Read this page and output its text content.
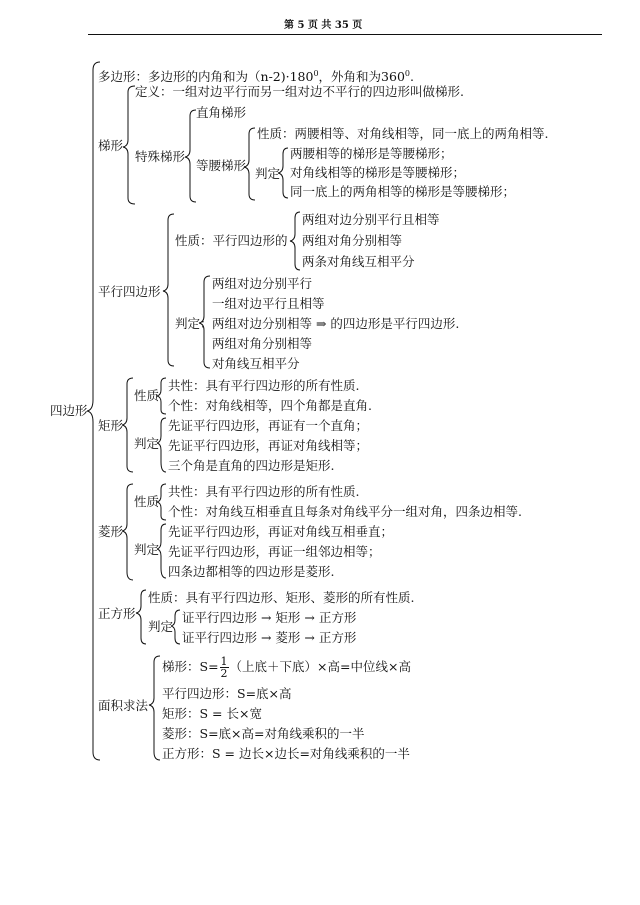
第 5 页 共 35 页
四边形
多边形：多边形的内角和为$(n-2)\cdot 180^0$，外角和为$360^0$.
梯形
定义：一组对边平行而另一组对边不平行的四边形叫做梯形.
特殊梯形
直角梯形
等腰梯形
性质：两腰相等、对角线相等，同一底上的两角相等.
判定
两腰相等的梯形是等腰梯形；
对角线相等的梯形是等腰梯形；
同一底上的两角相等的梯形是等腰梯形；
平行四边形
性质：平行四边形的
两组对边分别平行且相等
两组对角分别相等
两条对角线互相平分
判定：
两组对边分别平行
一组对边平行且相等
两组对边分别相等 ⇒ 的四边形是平行四边形.
两组对角分别相等
对角线互相平分
矩形
性质
共性：具有平行四边形的所有性质.
个性：对角线相等，四个角都是直角.
判定
先证平行四边形，再证有一个直角；
先证平行四边形，再证对角线相等；
三个角是直角的四边形是矩形.
菱形
性质
共性：具有平行四边形的所有性质.
个性：对角线互相垂直且每条对角线平分一组对角，四条边相等.
判定
先证平行四边形，再证对角线互相垂直；
先证平行四边形，再证一组邻边相等；
四条边都相等的四边形是菱形.
正方形
性质：具有平行四边形、矩形、菱形的所有性质.
判定
证平行四边形 → 矩形 → 正方形
证平行四边形 → 菱形 → 正方形
面积求法
梯形：$S= \frac{1}{2}$ （上底＋下底）×高=中位线×高
平行四边形：S=底×高
矩形：S = 长×宽
菱形：S=底×高=对角线乘积的一半
正方形：S = 边长×边长=对角线乘积的一半
